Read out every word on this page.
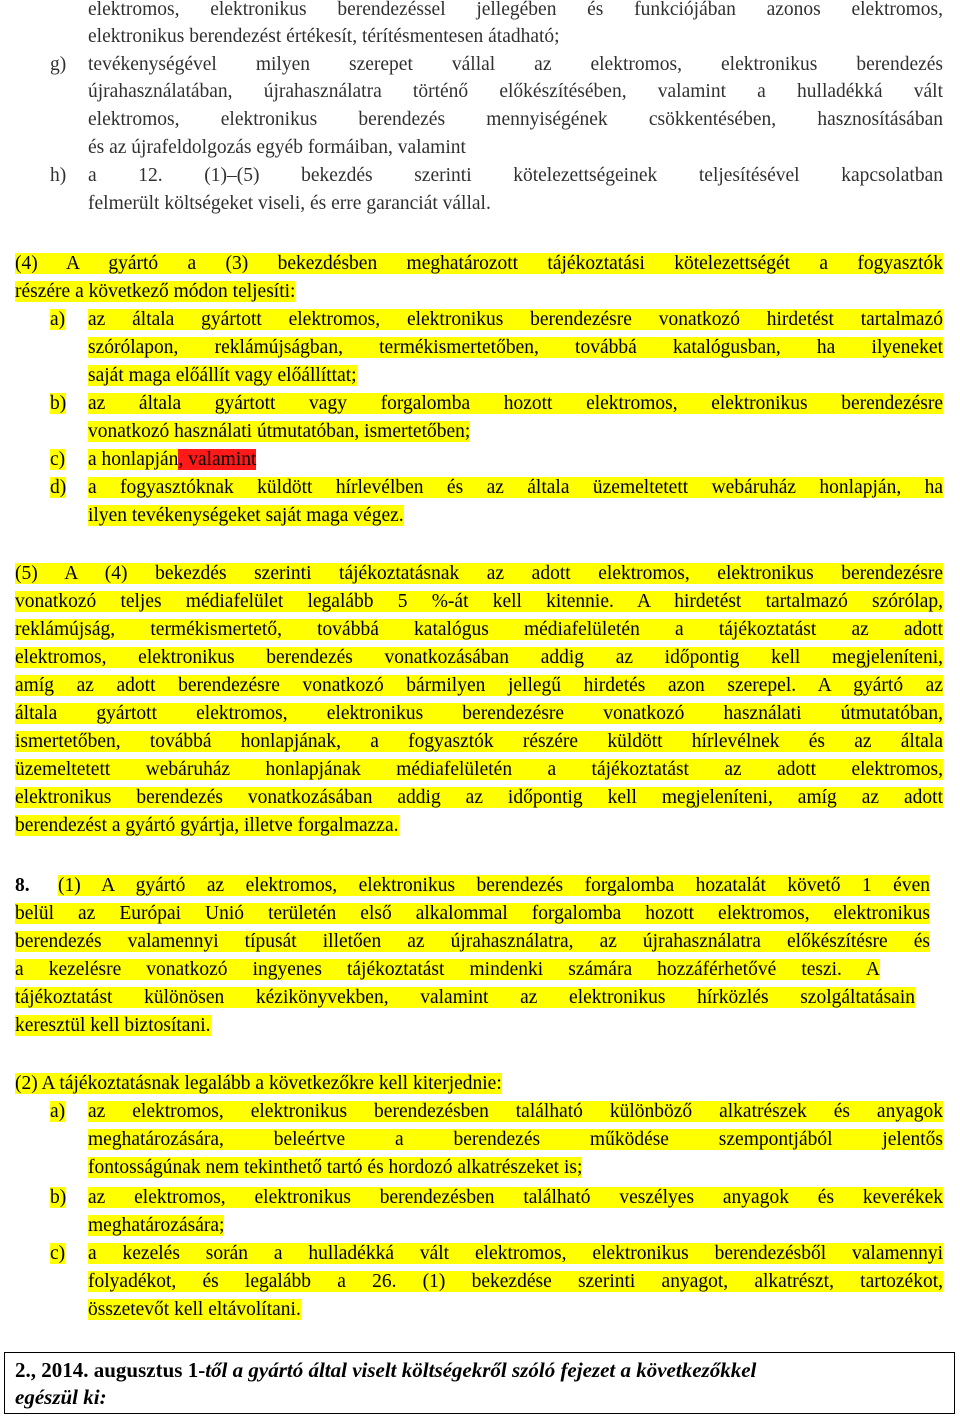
elektromos, elektronikus berendezéssel jellegében és funkciójában azonos elektromos,
elektronikus berendezést értékesít, térítésmentesen átadható;
g) tevékenységével milyen szerepet vállal az elektromos, elektronikus berendezés
újrahasználatában, újrahasználatra történő előkészítésében, valamint a hulladékká vált
elektromos, elektronikus berendezés mennyiségének csökkentésében, hasznosításában
és az újrafeldolgozás egyéb formáiban, valamint
h) a 12. (1)–(5) bekezdés szerinti kötelezettségeinek teljesítésével kapcsolatban
felmerült költségeket viseli, és erre garanciát vállal.
(4) A gyártó a (3) bekezdésben meghatározott tájékoztatási kötelezettségét a fogyasztók
részére a következő módon teljesíti:
a) az általa gyártott elektromos, elektronikus berendezésre vonatkozó hirdetést tartalmazó
szórólapon, reklámújságban, termékismertetőben, továbbá katalógusban, ha ilyeneket
saját maga előállít vagy előállíttat;
b) az általa gyártott vagy forgalomba hozott elektromos, elektronikus berendezésre
vonatkozó használati útmutatóban, ismertetőben;
c) a honlapján, valamint
d) a fogyasztóknak küldött hírlevélben és az általa üzemeltetett webáruház honlapján, ha
ilyen tevékenységeket saját maga végez.
(5) A (4) bekezdés szerinti tájékoztatásnak az adott elektromos, elektronikus berendezésre
vonatkozó teljes médiafelület legalább 5 %-át kell kitennie. A hirdetést tartalmazó szórólap,
reklámújság, termékismertető, továbbá katalógus médiafelületén a tájékoztatást az adott
elektromos, elektronikus berendezés vonatkozásában addig az időpontig kell megjeleníteni,
amíg az adott berendezésre vonatkozó bármilyen jellegű hirdetés azon szerepel. A gyártó az
általa gyártott elektromos, elektronikus berendezésre vonatkozó használati útmutatóban,
ismertetőben, továbbá honlapjának, a fogyasztók részére küldött hírlevélnek és az általa
üzemeltetett webáruház honlapjának médiafelületén a tájékoztatást az adott elektromos,
elektronikus berendezés vonatkozásában addig az időpontig kell megjeleníteni, amíg az adott
berendezést a gyártó gyártja, illetve forgalmazza.
8. (1) A gyártó az elektromos, elektronikus berendezés forgalomba hozatalát követő 1 éven
belül az Európai Unió területén első alkalommal forgalomba hozott elektromos, elektronikus
berendezés valamennyi típusát illetően az újrahasználatra, az újrahasználatra előkészítésre és
a kezelésre vonatkozó ingyenes tájékoztatást mindenki számára hozzáférhetővé teszi. A
tájékoztatást különösen kézikönyvekben, valamint az elektronikus hírközlés szolgáltatásain
keresztül kell biztosítani.
(2) A tájékoztatásnak legalább a következőkre kell kiterjednie:
a) az elektromos, elektronikus berendezésben található különböző alkatrészek és anyagok
meghatározására, beleértve a berendezés működése szempontjából jelentős
fontosságúnak nem tekinthető tartó és hordozó alkatrészeket is;
b) az elektromos, elektronikus berendezésben található veszélyes anyagok és keverékek
meghatározására;
c) a kezelés során a hulladékká vált elektromos, elektronikus berendezésből valamennyi
folyadékot, és legalább a 26. (1) bekezdése szerinti anyagot, alkatrészt, tartozékot,
összetevőt kell eltávolítani.
2., 2014. augusztus 1-től a gyártó által viselt költségekről szóló fejezet a következőkkel
egészül ki:
